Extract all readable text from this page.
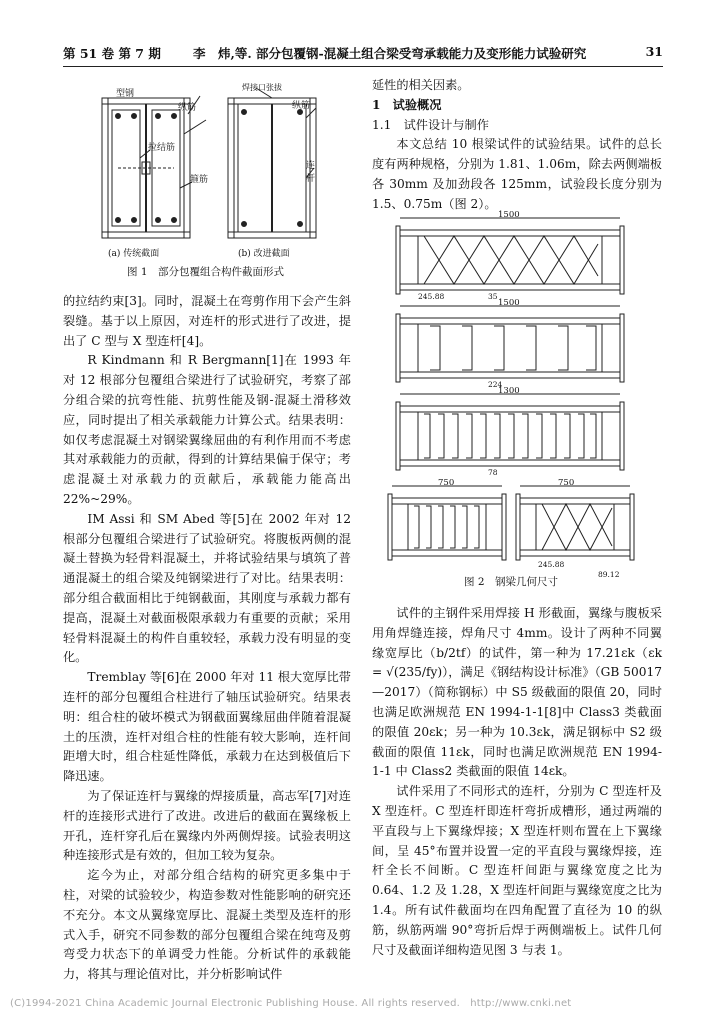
第 51 卷 第 7 期	李　炜,等. 部分包覆钢-混凝土组合梁受弯承载能力及变形能力试验研究	31
型钢
纵筋
拉结筋
箍筋
焊接口张拔
纵筋
连杆
(a) 传统截面	(b) 改进截面
图 1　部分包覆组合构件截面形式

的拉结约束[3]。同时，混凝土在弯剪作用下会产生斜裂缝。基于以上原因，对连杆的形式进行了改进，提出了 C 型与 X 型连杆[4]。

R Kindmann 和 R Bergmann[1]在 1993 年对 12 根部分包覆组合梁进行了试验研究，考察了部分组合梁的抗弯性能、抗剪性能及钢-混凝土滑移效应，同时提出了相关承载能力计算公式。结果表明：如仅考虑混凝土对钢梁翼缘屈曲的有利作用而不考虑其对承载能力的贡献，得到的计算结果偏于保守；考虑混凝土对承载力的贡献后，承载能力能高出 22%~29%。

IM Assi 和 SM Abed 等[5]在 2002 年对 12 根部分包覆组合梁进行了试验研究。将腹板两侧的混凝土替换为轻骨料混凝土，并将试验结果与填筑了普通混凝土的组合梁及纯钢梁进行了对比。结果表明：部分组合截面相比于纯钢截面，其刚度与承载力都有提高，混凝土对截面极限承载力有重要的贡献；采用轻骨料混凝土的构件自重较轻，承载力没有明显的变化。

Tremblay 等[6]在 2000 年对 11 根大宽厚比带连杆的部分包覆组合柱进行了轴压试验研究。结果表明：组合柱的破坏模式为钢截面翼缘屈曲伴随着混凝土的压溃，连杆对组合柱的性能有较大影响，连杆间距增大时，组合柱延性降低，承载力在达到极值后下降迅速。

为了保证连杆与翼缘的焊接质量，高志军[7]对连杆的连接形式进行了改进。改进后的截面在翼缘板上开孔，连杆穿孔后在翼缘内外两侧焊接。试验表明这种连接形式是有效的，但加工较为复杂。

迄今为止，对部分组合结构的研究更多集中于柱，对梁的试验较少，构造参数对性能影响的研究还不充分。本文从翼缘宽厚比、混凝土类型及连杆的形式入手，研究不同参数的部分包覆组合梁在纯弯及剪弯受力状态下的单调受力性能。分析试件的承载能力，将其与理论值对比，并分析影响试件

延性的相关因素。

1　试验概况

1.1　试件设计与制作

本文总结 10 根梁试件的试验结果。试件的总长度有两种规格，分别为 1.81、1.06m，除去两侧端板各 30mm 及加劲段各 125mm，试验段长度分别为 1.5、0.75m（图 2）。

1500
245.88	35
1500
224
1300
78
750	750
245.88
89.12
图 2　钢梁几何尺寸

试件的主钢件采用焊接 H 形截面，翼缘与腹板采用角焊缝连接，焊角尺寸 4mm。设计了两种不同翼缘宽厚比（b/2tf）的试件，第一种为 17.21εk（εk = √(235/fy)），满足《钢结构设计标准》（GB 50017—2017）（简称钢标）中 S5 级截面的限值 20，同时也满足欧洲规范 EN 1994-1-1[8]中 Class3 类截面的限值 20εk；另一种为 10.3εk，满足钢标中 S2 级截面的限值 11εk，同时也满足欧洲规范 EN 1994-1-1 中 Class2 类截面的限值 14εk。

试件采用了不同形式的连杆，分别为 C 型连杆及 X 型连杆。C 型连杆即连杆弯折成槽形，通过两端的平直段与上下翼缘焊接；X 型连杆则布置在上下翼缘间，呈 45°布置并设置一定的平直段与翼缘焊接，连杆全长不间断。C 型连杆间距与翼缘宽度之比为 0.64、1.2 及 1.28，X 型连杆间距与翼缘宽度之比为 1.4。所有试件截面均在四角配置了直径为 10 的纵筋，纵筋两端 90°弯折后焊于两侧端板上。试件几何尺寸及截面详细构造见图 3 与表 1。

(C)1994-2021 China Academic Journal Electronic Publishing House. All rights reserved.　http://www.cnki.net
